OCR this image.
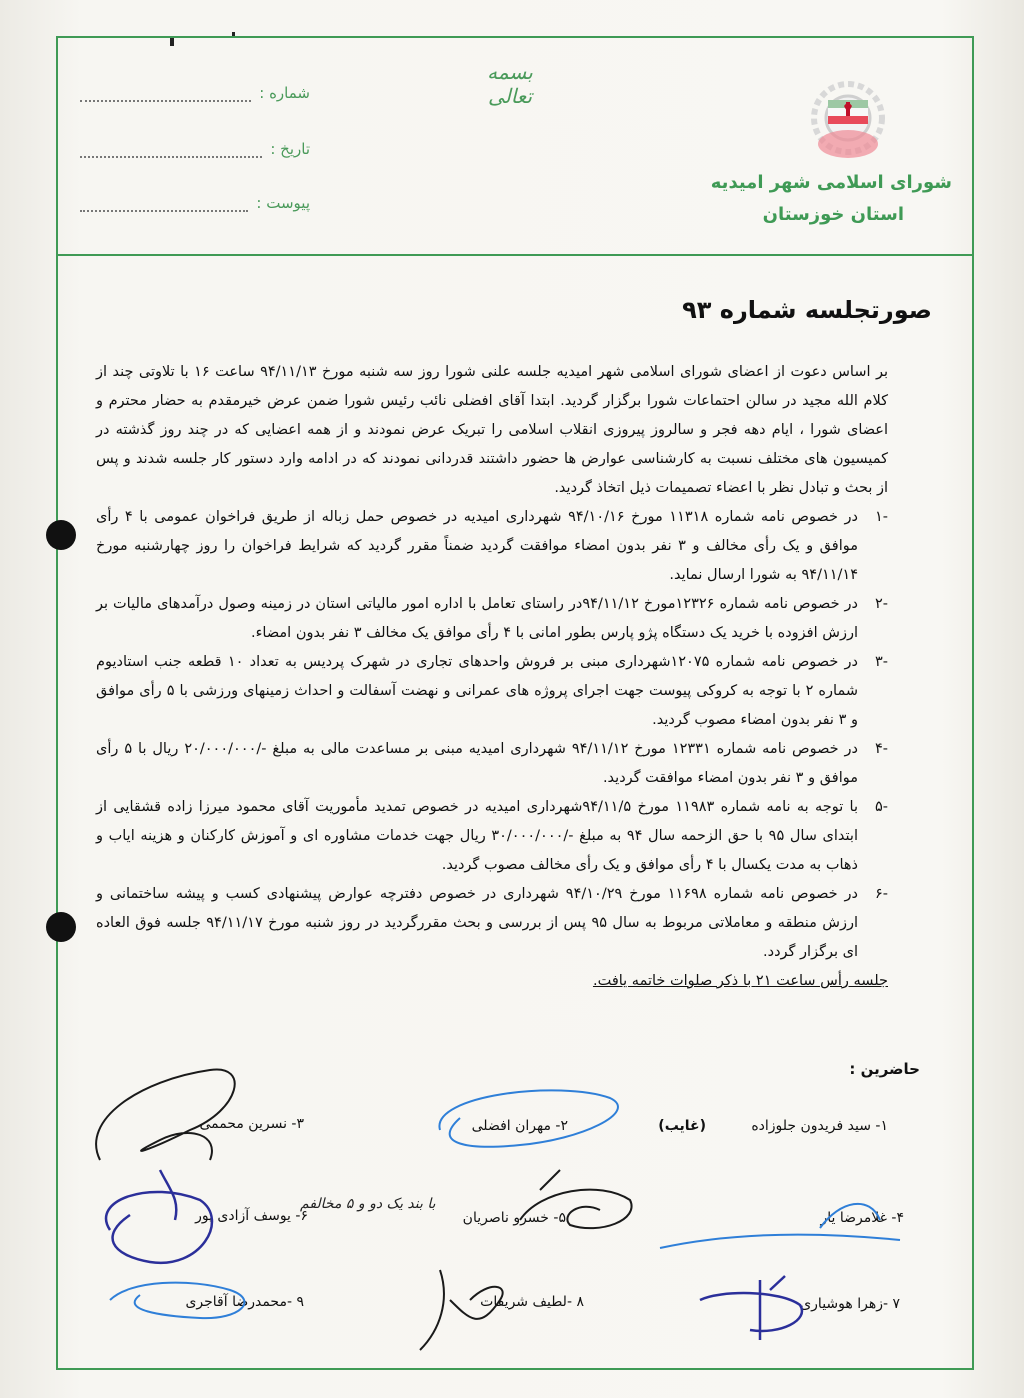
بسمه تعالی
شماره :
تاریخ :
پیوست :
شورای اسلامی شهر امیدیه
استان خوزستان
صورتجلسه شماره ۹۳

بر اساس دعوت از اعضای شورای اسلامی شهر امیدیه جلسه علنی شورا روز سه شنبه مورخ ۹۴/۱۱/۱۳ ساعت ۱۶ با تلاوتی چند از کلام الله مجید در سالن احتماعات شورا برگزار گردید. ابتدا آقای افضلی نائب رئیس شورا ضمن عرض خیرمقدم به حضار محترم و اعضای شورا ، ایام دهه فجر و سالروز پیروزی انقلاب اسلامی را تبریک عرض نمودند و از همه اعضایی که در چند روز گذشته در کمیسیون های مختلف نسبت به کارشناسی عوارض ها حضور داشتند قدردانی نمودند که در ادامه وارد دستور کار جلسه شدند و پس از بحث و تبادل نظر با اعضاء تصمیمات ذیل اتخاذ گردید.

-۱
در خصوص نامه شماره ۱۱۳۱۸ مورخ ۹۴/۱۰/۱۶ شهرداری امیدیه در خصوص حمل زباله از طریق فراخوان عمومی با ۴ رأی موافق و یک رأی مخالف و ۳ نفر بدون امضاء موافقت گردید ضمناً مقرر گردید که شرایط فراخوان را روز چهارشنبه مورخ ۹۴/۱۱/۱۴ به شورا ارسال نماید.
-۲
در خصوص نامه شماره ۱۲۳۲۶مورخ ۹۴/۱۱/۱۲در راستای تعامل با اداره امور مالیاتی استان در زمینه وصول درآمدهای مالیات بر ارزش افزوده با خرید یک دستگاه پژو پارس بطور امانی با ۴ رأی موافق یک مخالف ۳ نفر بدون امضاء.
-۳
در خصوص نامه شماره ۱۲۰۷۵شهرداری مبنی بر فروش واحدهای تجاری در شهرک پردیس به تعداد ۱۰ قطعه جنب استادیوم شماره ۲ با توجه به کروکی پیوست جهت اجرای پروژه های عمرانی و نهضت آسفالت و احداث زمینهای ورزشی با ۵ رأی موافق و ۳ نفر بدون امضاء مصوب گردید.
-۴
در خصوص نامه شماره ۱۲۳۳۱ مورخ ۹۴/۱۱/۱۲ شهرداری امیدیه مبنی بر مساعدت مالی به مبلغ -/۲۰/۰۰۰/۰۰۰ ریال با ۵ رأی موافق و ۳ نفر بدون امضاء موافقت گردید.
-۵
با توجه به نامه شماره ۱۱۹۸۳ مورخ ۹۴/۱۱/۵شهرداری امیدیه در خصوص تمدید مأموریت آقای محمود میرزا زاده قشقایی از ابتدای سال ۹۵ با حق الزحمه سال ۹۴ به مبلغ -/۳۰/۰۰۰/۰۰۰ ریال جهت خدمات مشاوره ای و آموزش کارکنان و هزینه ایاب و ذهاب به مدت یکسال با ۴ رأی موافق و یک رأی مخالف مصوب گردید.
-۶
در خصوص نامه شماره ۱۱۶۹۸ مورخ ۹۴/۱۰/۲۹ شهرداری در خصوص دفترچه عوارض پیشنهادی کسب و پیشه ساختمانی و ارزش منطقه و معاملاتی مربوط به سال ۹۵ پس از بررسی و بحث مقررگردید در روز شنبه مورخ ۹۴/۱۱/۱۷ جلسه فوق العاده ای برگزار گردد.

جلسه رأس ساعت ۲۱ با ذکر صلوات خاتمه یافت.

حاضرین :
۱- سید فریدون جلوزاده
(غایب)
۲- مهران افضلی
۳- نسرین محممی
۴- غلامرضا یار
۵- خسرو ناصریان
۶- یوسف آزادی پور
۷ -زهرا هوشیاری
۸ -لطیف شریفات
۹ -محمدرضا آقاجری
با بند یک دو و ۵ مخالفم
